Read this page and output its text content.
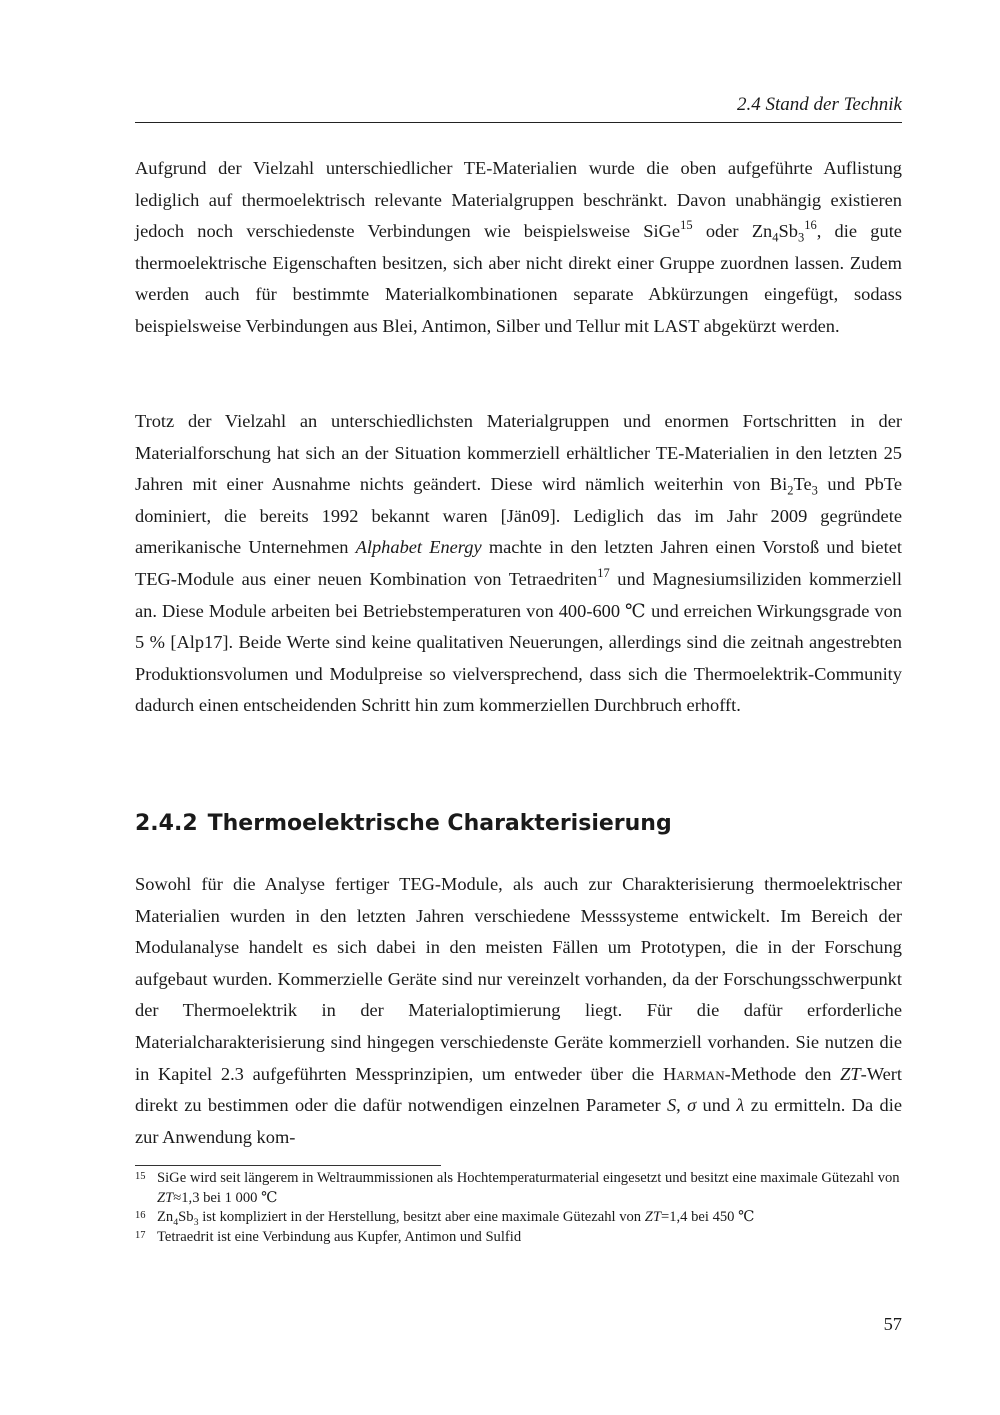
2.4 Stand der Technik

Aufgrund der Vielzahl unterschiedlicher TE-Materialien wurde die oben aufgeführte Auflistung lediglich auf thermoelektrisch relevante Materialgruppen beschränkt. Davon unabhängig existieren jedoch noch verschiedenste Verbindungen wie beispielsweise SiGe$^{15}$ oder $Zn_4Sb_3^{16}$, die gute thermoelektrische Eigenschaften besitzen, sich aber nicht direkt einer Gruppe zuordnen lassen. Zudem werden auch für bestimmte Materialkombinationen separate Abkürzungen eingefügt, sodass beispielsweise Verbindungen aus Blei, Antimon, Silber und Tellur mit LAST abgekürzt werden.

Trotz der Vielzahl an unterschiedlichsten Materialgruppen und enormen Fortschritten in der Materialforschung hat sich an der Situation kommerziell erhältlicher TE-Materialien in den letzten 25 Jahren mit einer Ausnahme nichts geändert. Diese wird nämlich weiterhin von $Bi_2Te_3$ und PbTe dominiert, die bereits 1992 bekannt waren [Jän09]. Lediglich das im Jahr 2009 gegründete amerikanische Unternehmen Alphabet Energy machte in den letzten Jahren einen Vorstoß und bietet TEG-Module aus einer neuen Kombination von Tetraedriten$^{17}$ und Magnesiumsiliziden kommerziell an. Diese Module arbeiten bei Betriebstemperaturen von 400-600 ℃ und erreichen Wirkungsgrade von 5 % [Alp17]. Beide Werte sind keine qualitativen Neuerungen, allerdings sind die zeitnah angestrebten Produktionsvolumen und Modulpreise so vielversprechend, dass sich die Thermoelektrik-Community dadurch einen entscheidenden Schritt hin zum kommerziellen Durchbruch erhofft.

2.4.2 Thermoelektrische Charakterisierung

Sowohl für die Analyse fertiger TEG-Module, als auch zur Charakterisierung thermoelektrischer Materialien wurden in den letzten Jahren verschiedene Messsysteme entwickelt. Im Bereich der Modulanalyse handelt es sich dabei in den meisten Fällen um Prototypen, die in der Forschung aufgebaut wurden. Kommerzielle Geräte sind nur vereinzelt vorhanden, da der Forschungsschwerpunkt der Thermoelektrik in der Materialoptimierung liegt. Für die dafür erforderliche Materialcharakterisierung sind hingegen verschiedenste Geräte kommerziell vorhanden. Sie nutzen die in Kapitel 2.3 aufgeführten Messprinzipien, um entweder über die Harman-Methode den ZT-Wert direkt zu bestimmen oder die dafür notwendigen einzelnen Parameter S, σ und λ zu ermitteln. Da die zur Anwendung kom-

15 SiGe wird seit längerem in Weltraummissionen als Hochtemperaturmaterial eingesetzt und besitzt eine maximale Gütezahl von ZT≈1,3 bei 1 000 ℃
16 $Zn_4Sb_3$ ist kompliziert in der Herstellung, besitzt aber eine maximale Gütezahl von ZT=1,4 bei 450 ℃
17 Tetraedrit ist eine Verbindung aus Kupfer, Antimon und Sulfid
57
